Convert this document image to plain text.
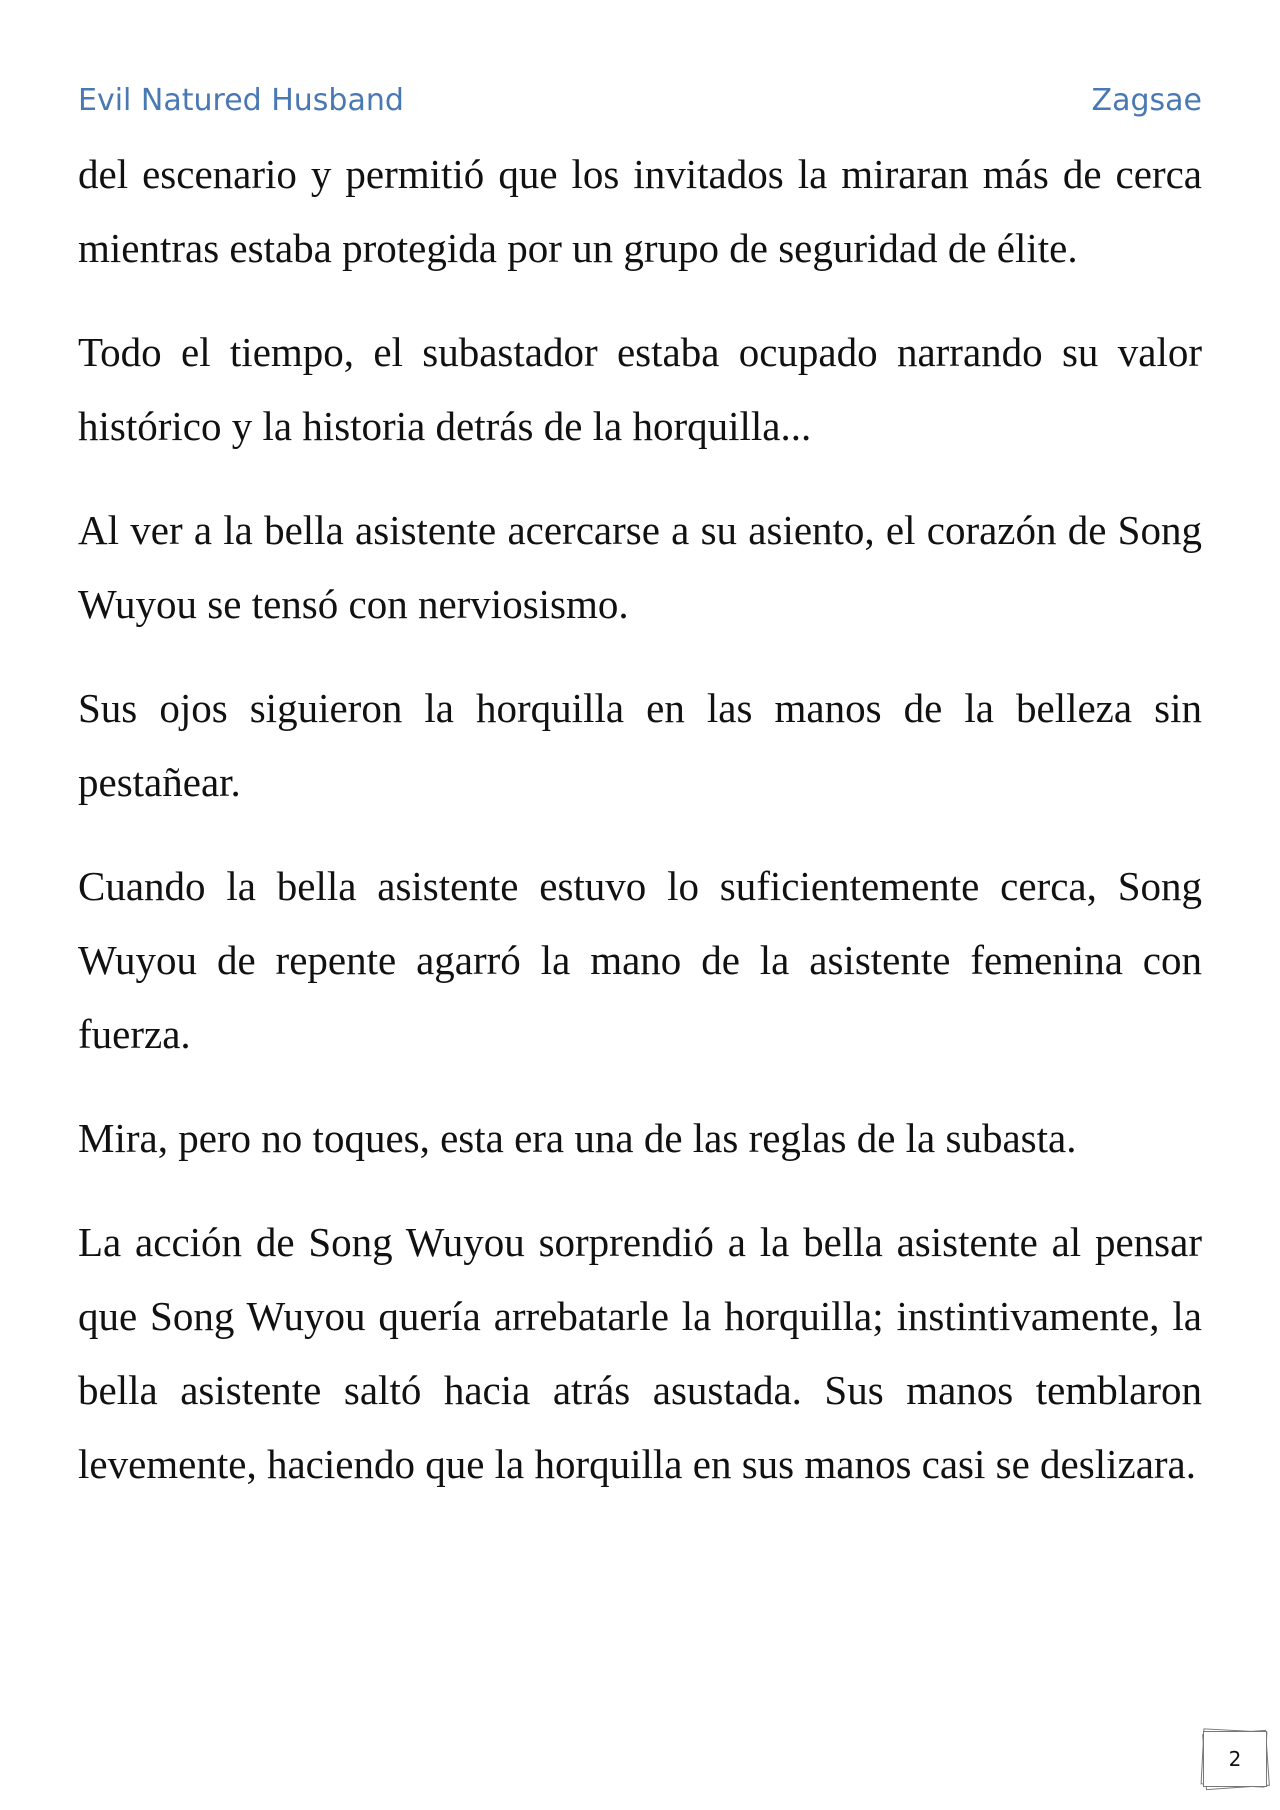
Evil Natured Husband	Zagsae

del escenario y permitió que los invitados la miraran más de cerca mientras estaba protegida por un grupo de seguridad de élite.

Todo el tiempo, el subastador estaba ocupado narrando su valor histórico y la historia detrás de la horquilla...

Al ver a la bella asistente acercarse a su asiento, el corazón de Song Wuyou se tensó con nerviosismo.

Sus ojos siguieron la horquilla en las manos de la belleza sin pestañear.

Cuando la bella asistente estuvo lo suficientemente cerca, Song Wuyou de repente agarró la mano de la asistente femenina con fuerza.

Mira, pero no toques, esta era una de las reglas de la subasta.

La acción de Song Wuyou sorprendió a la bella asistente al pensar que Song Wuyou quería arrebatarle la horquilla; instintivamente, la bella asistente saltó hacia atrás asustada. Sus manos temblaron levemente, haciendo que la horquilla en sus manos casi se deslizara.

2
